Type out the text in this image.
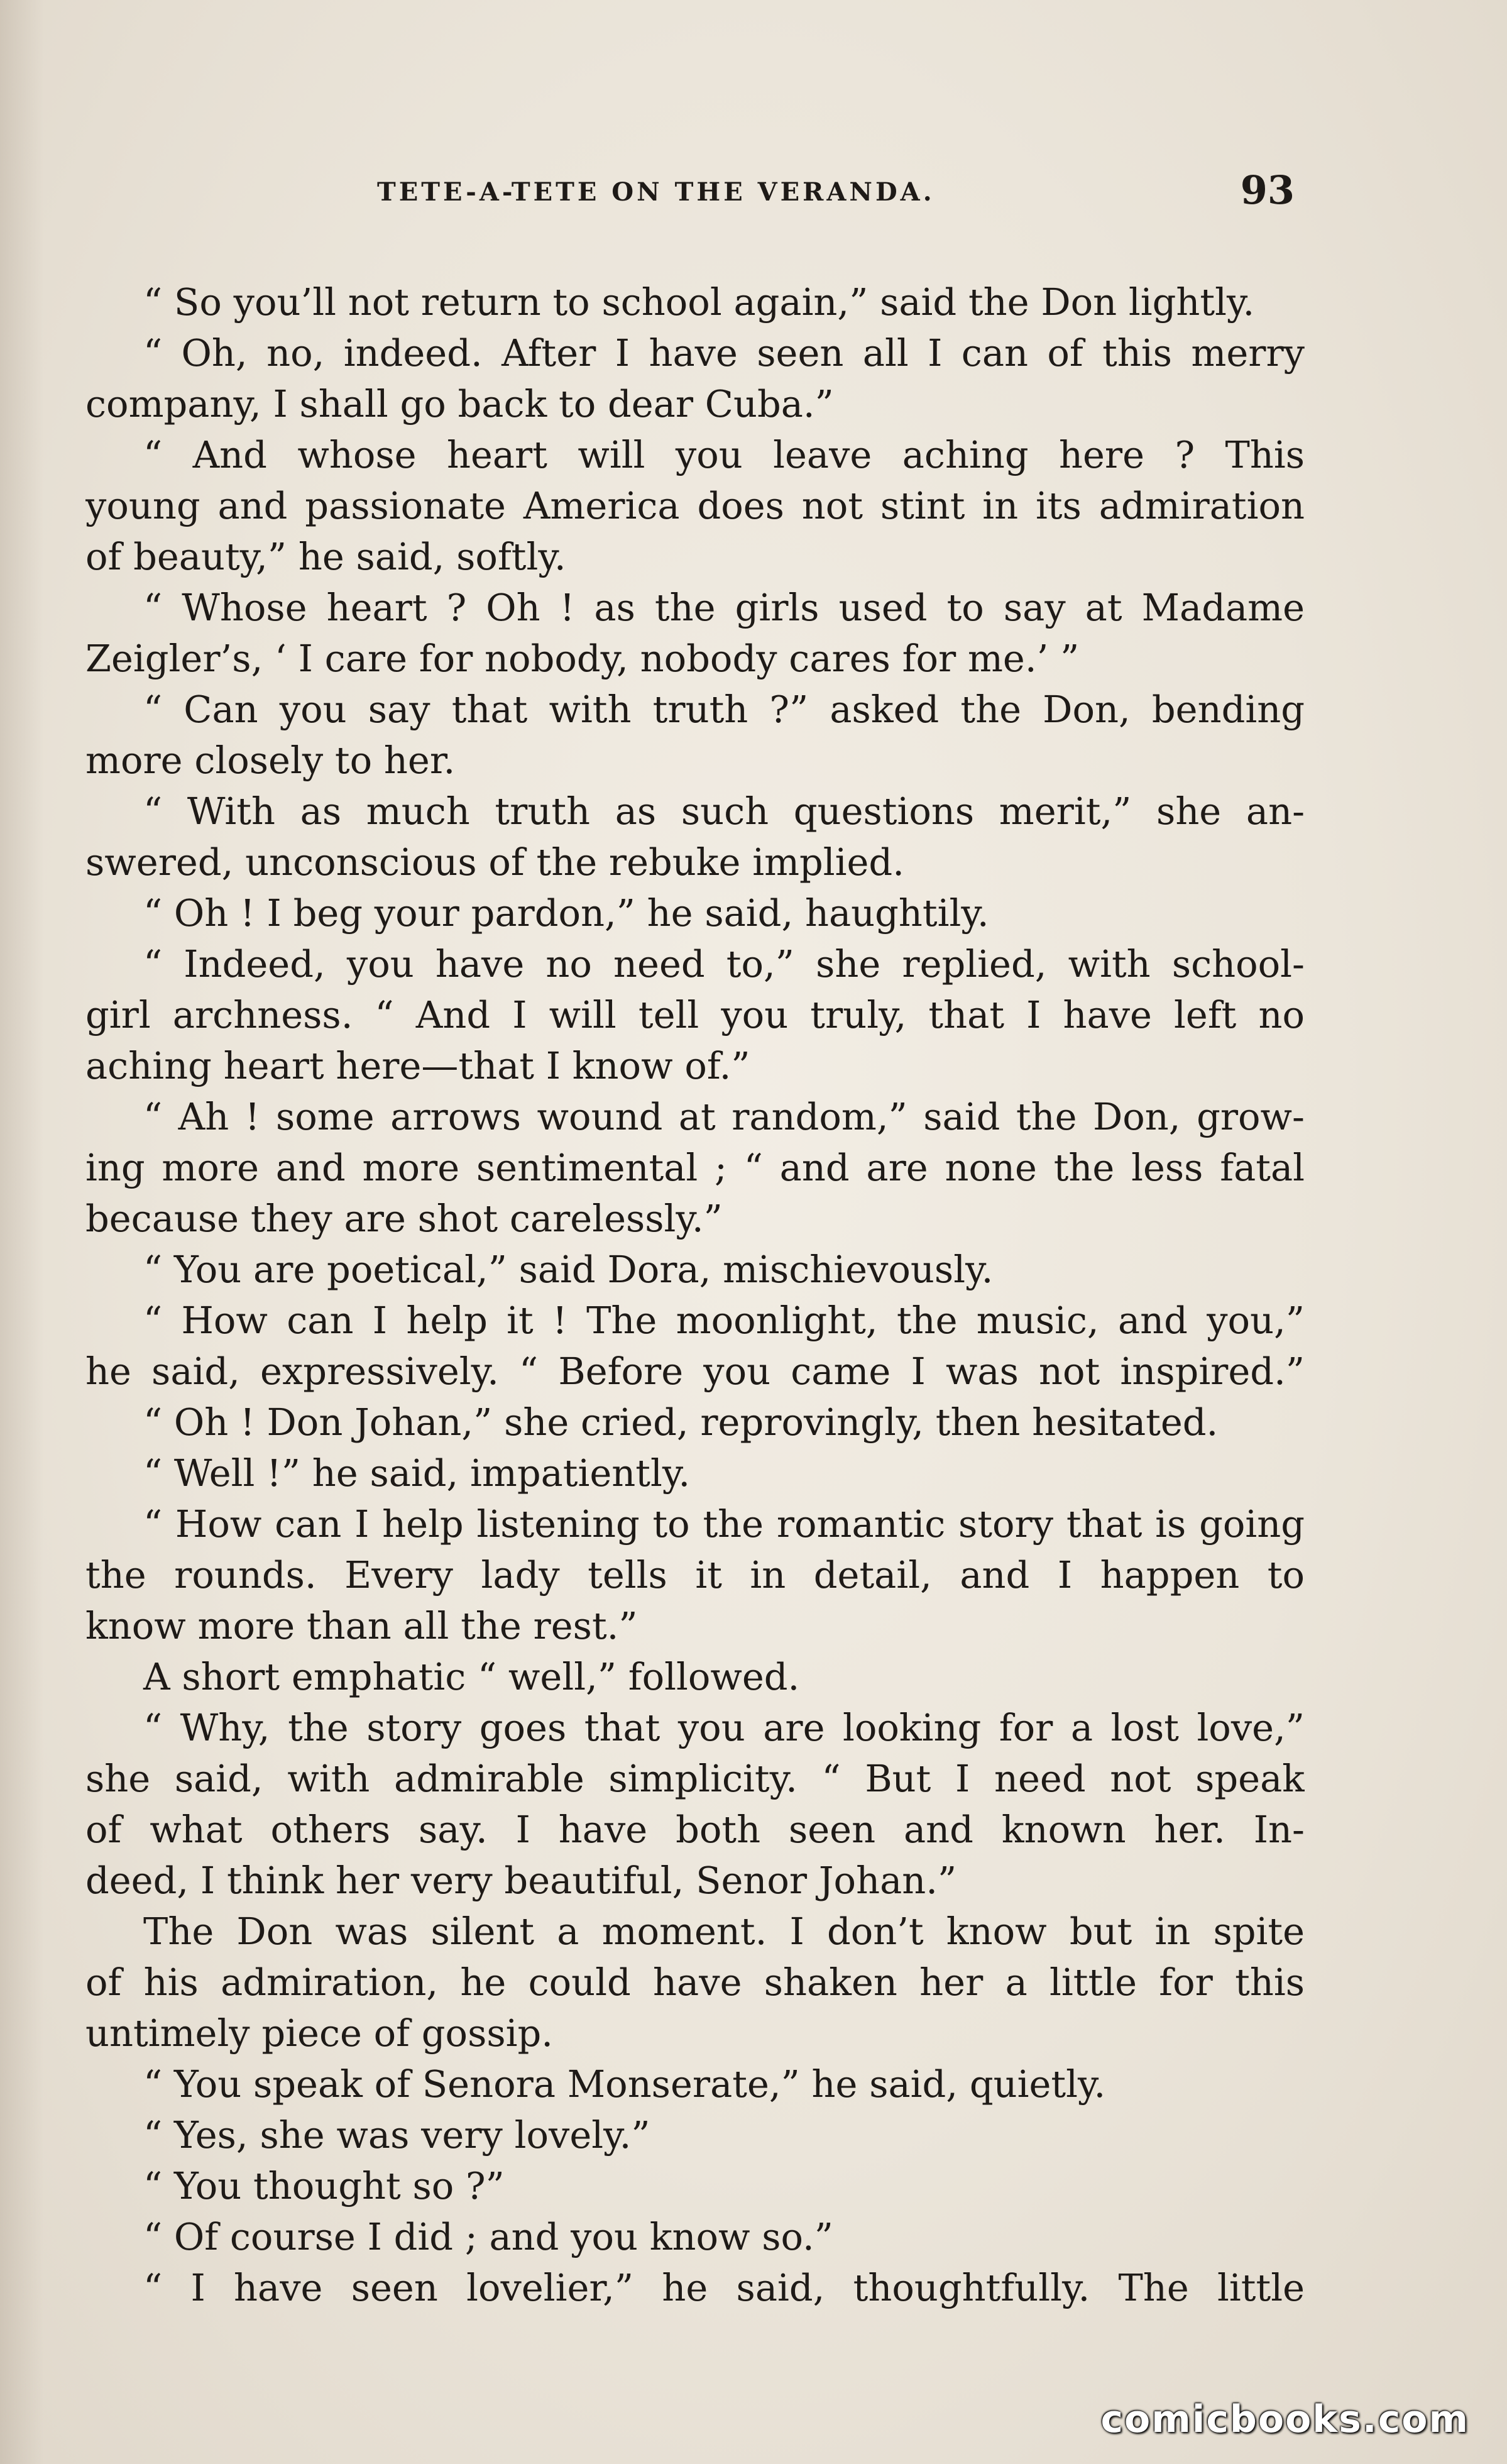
TETE-A-TETE ON THE VERANDA.	93
“ So you’ll not return to school again,” said the Don lightly.
“ Oh, no, indeed. After I have seen all I can of this merry
company, I shall go back to dear Cuba.”
“ And whose heart will you leave aching here ? This
young and passionate America does not stint in its admiration
of beauty,” he said, softly.
“ Whose heart ? Oh ! as the girls used to say at Madame
Zeigler’s, ‘ I care for nobody, nobody cares for me.’ ”
“ Can you say that with truth ?” asked the Don, bending
more closely to her.
“ With as much truth as such questions merit,” she an-
swered, unconscious of the rebuke implied.
“ Oh ! I beg your pardon,” he said, haughtily.
“ Indeed, you have no need to,” she replied, with school-
girl archness. “ And I will tell you truly, that I have left no
aching heart here—that I know of.”
“ Ah ! some arrows wound at random,” said the Don, grow-
ing more and more sentimental ; “ and are none the less fatal
because they are shot carelessly.”
“ You are poetical,” said Dora, mischievously.
“ How can I help it ! The moonlight, the music, and you,”
he said, expressively. “ Before you came I was not inspired.”
“ Oh ! Don Johan,” she cried, reprovingly, then hesitated.
“ Well !” he said, impatiently.
“ How can I help listening to the romantic story that is going
the rounds. Every lady tells it in detail, and I happen to
know more than all the rest.”
A short emphatic “ well,” followed.
“ Why, the story goes that you are looking for a lost love,”
she said, with admirable simplicity. “ But I need not speak
of what others say. I have both seen and known her. In-
deed, I think her very beautiful, Senor Johan.”
The Don was silent a moment. I don’t know but in spite
of his admiration, he could have shaken her a little for this
untimely piece of gossip.
“ You speak of Senora Monserate,” he said, quietly.
“ Yes, she was very lovely.”
“ You thought so ?”
“ Of course I did ; and you know so.”
“ I have seen lovelier,” he said, thoughtfully. The little
comicbooks.com
